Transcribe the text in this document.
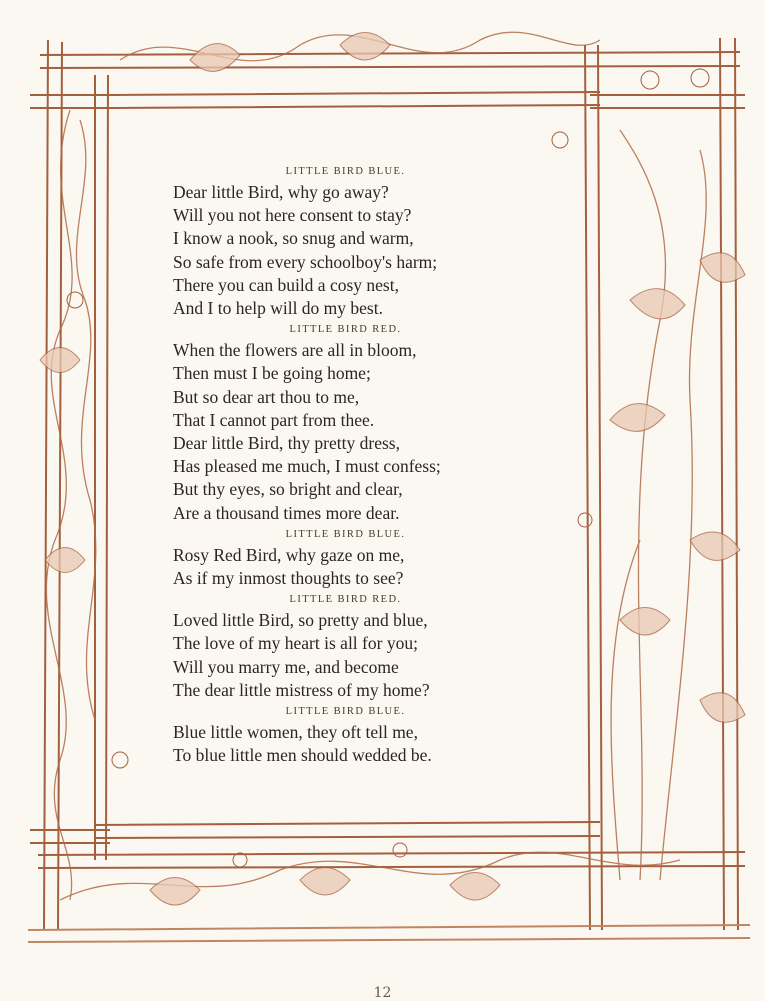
LITTLE BIRD BLUE.
Dear little Bird, why go away?
Will you not here consent to stay?
I know a nook, so snug and warm,
So safe from every schoolboy's harm;
There you can build a cosy nest,
And I to help will do my best.
LITTLE BIRD RED.
When the flowers are all in bloom,
Then must I be going home;
But so dear art thou to me,
That I cannot part from thee.
Dear little Bird, thy pretty dress,
Has pleased me much, I must confess;
But thy eyes, so bright and clear,
Are a thousand times more dear.
LITTLE BIRD BLUE.
Rosy Red Bird, why gaze on me,
As if my inmost thoughts to see?
LITTLE BIRD RED.
Loved little Bird, so pretty and blue,
The love of my heart is all for you;
Will you marry me, and become
The dear little mistress of my home?
LITTLE BIRD BLUE.
Blue little women, they oft tell me,
To blue little men should wedded be.
12
